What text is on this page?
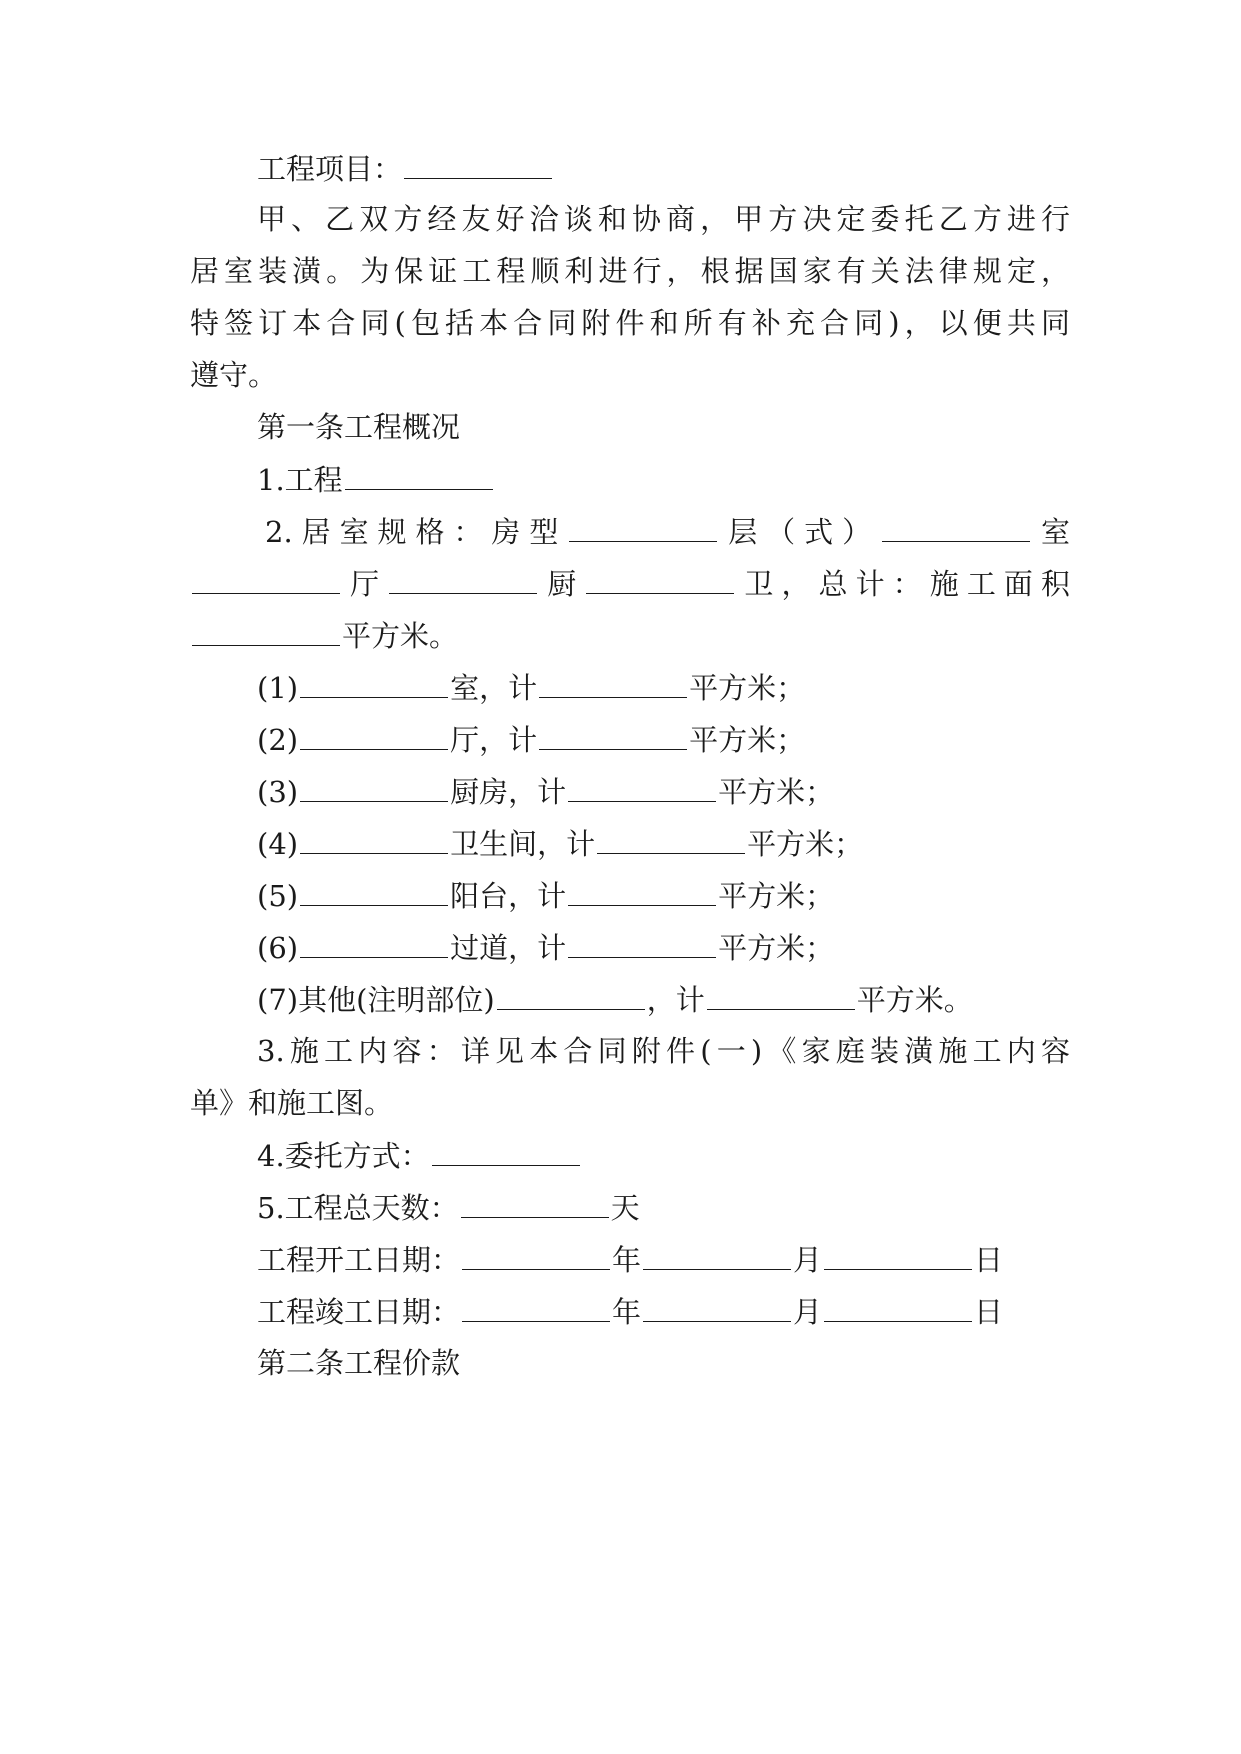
工程项目：
甲、乙双方经友好洽谈和协商，甲方决定委托乙方进行
居室装潢。为保证工程顺利进行，根据国家有关法律规定，
特签订本合同(包括本合同附件和所有补充合同)，以便共同
遵守。
第一条工程概况
1.工程
2.居室规格：房型	层（式）	室
厅	厨	卫，总计：施工面积
平方米。
(1)	室，计	平方米；
(2)	厅，计	平方米；
(3)	厨房，计	平方米；
(4)	卫生间，计	平方米；
(5)	阳台，计	平方米；
(6)	过道，计	平方米；
(7)其他(注明部位)	，计	平方米。
3.施工内容：详见本合同附件(一)《家庭装潢施工内容
单》和施工图。
4.委托方式：
5.工程总天数：	天
工程开工日期：	年	月	日
工程竣工日期：	年	月	日
第二条工程价款
